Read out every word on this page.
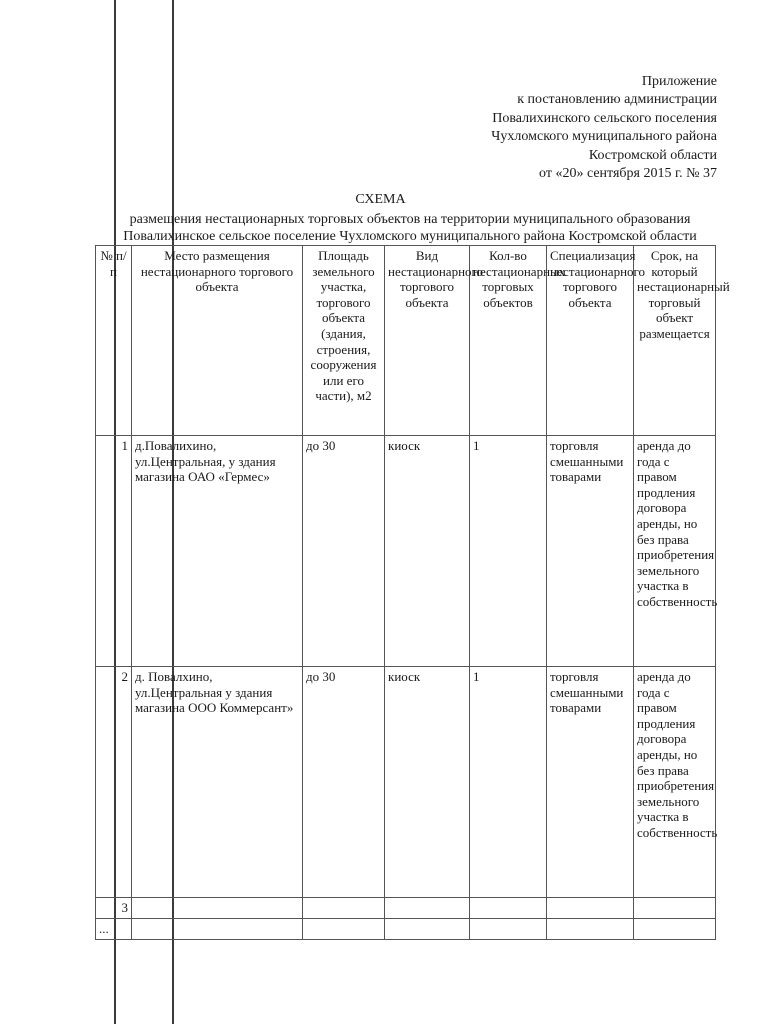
Приложение
к постановлению администрации
Повалихинского сельского поселения
Чухломского муниципального района
Костромской области
от «20» сентября 2015 г. № 37
СХЕМА
размещения нестационарных торговых объектов на территории муниципального образования Повалихинское сельское поселение Чухломского муниципального района Костромской области
№ п/п	Место размещения нестационарного торгового объекта	Площадь земельного участка, торгового объекта (здания, строения, сооружения или его части), м2	Вид нестационарного торгового объекта	Кол-во нестационарных торговых объектов	Специализация нестационарного торгового объекта	Срок, на который нестационарный торговый объект размещается
1	д.Повалихино, ул.Центральная, у здания магазина ОАО «Гермес»	до 30	киоск	1	торговля смешанными товарами	аренда до года с правом продления договора аренды, но без права приобретения земельного участка в собственность
2	д. Повалхино, ул.Центральная у здания магазина ООО Коммерсант»	до 30	киоск	1	торговля смешанными товарами	аренда до года с правом продления договора аренды, но без права приобретения земельного участка в собственность
3						
...						
